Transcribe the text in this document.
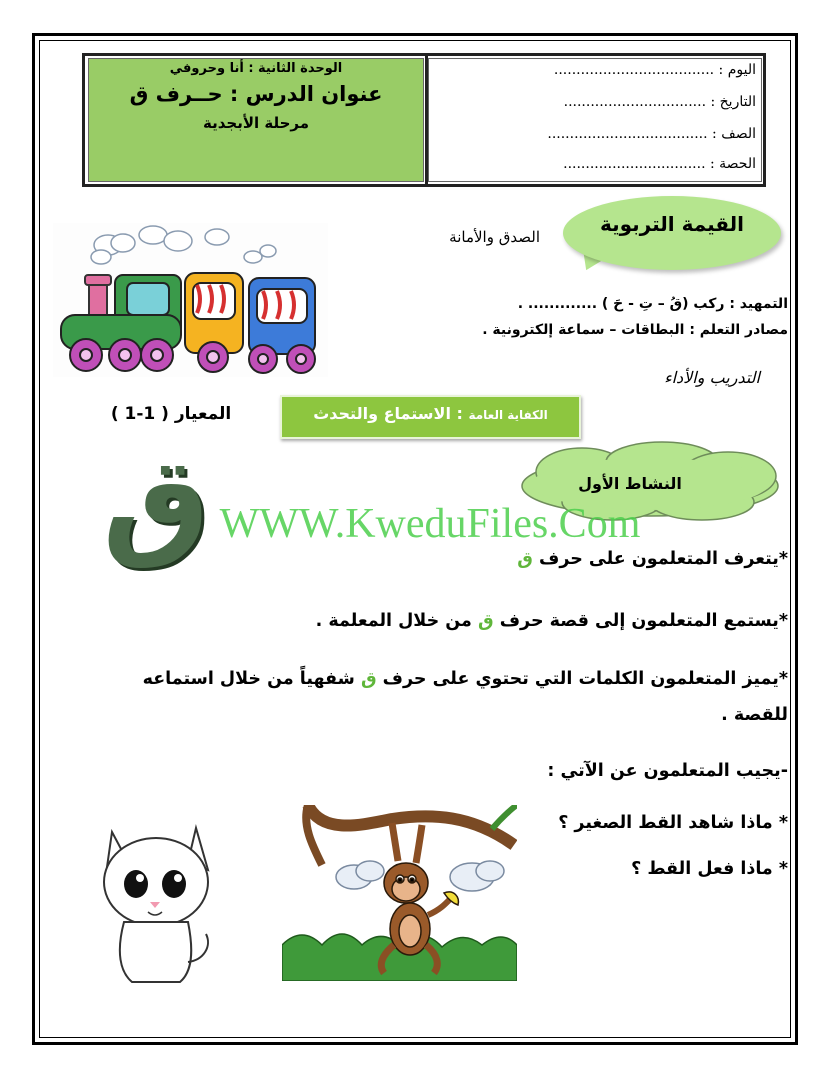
الوحدة الثانية : أنا وحروفي
عنوان الدرس : حــرف ق
مرحلة الأبجدية
اليوم : ....................................
التاريخ : ................................
الصف : ....................................
الحصة : ................................
القيمة التربوية
الصدق والأمانة
التمهيد : ركب (قُ – تِ - حَ ) ............. .
مصادر التعلم : البطاقات – سماعة إلكترونية .
التدريب والأداء
الكفاية العامة : الاستماع والتحدث
المعيار ( 1-1 )
ق	النشاط الأول
WWW.KweduFiles.Com
*يتعرف المتعلمون على حرف ق
*يستمع المتعلمون إلى قصة حرف ق من خلال المعلمة .
*يميز المتعلمون الكلمات التي تحتوي على حرف ق شفهياً من خلال استماعه
للقصة .
-يجيب المتعلمون عن الآتي :
* ماذا شاهد القط الصغير ؟
* ماذا فعل القط ؟
